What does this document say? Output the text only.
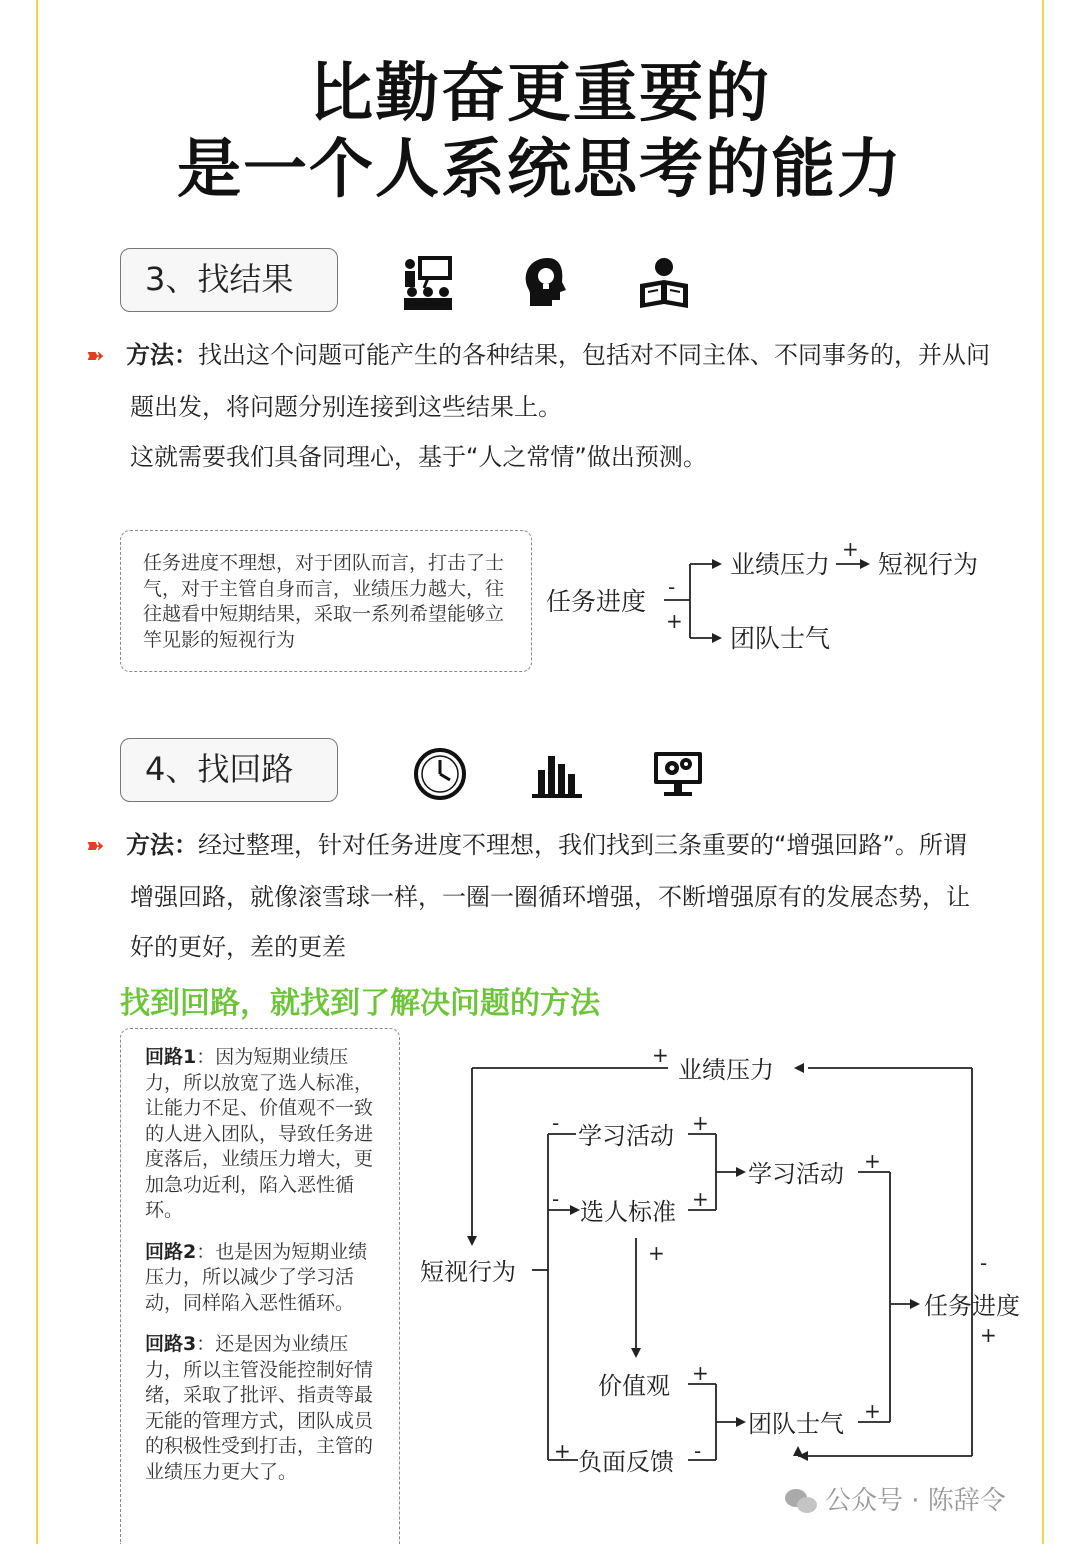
比勤奋更重要的
是一个人系统思考的能力
3、找结果
➽ 方法：找出这个问题可能产生的各种结果，包括对不同主体、不同事务的，并从问题出发，将问题分别连接到这些结果上。
这就需要我们具备同理心，基于“人之常情”做出预测。

任务进度不理想，对于团队而言，打击了士气，对于主管自身而言，业绩压力越大，往往越看中短期结果，采取一系列希望能够立竿见影的短视行为

任务进度 -
+
业绩压力
+
短视行为
团队士气
4、找回路
➽ 方法：经过整理，针对任务进度不理想，我们找到三条重要的“增强回路”。所谓增强回路，就像滚雪球一样，一圈一圈循环增强，不断增强原有的发展态势，让好的更好，差的更差
找到回路，就找到了解决问题的方法

回路1：因为短期业绩压力，所以放宽了选人标准，让能力不足、价值观不一致的人进入团队，导致任务进度落后，业绩压力增大，更加急功近利，陷入恶性循环。

回路2：也是因为短期业绩压力，所以减少了学习活动，同样陷入恶性循环。

回路3：还是因为业绩压力，所以主管没能控制好情绪，采取了批评、指责等最无能的管理方式，团队成员的积极性受到打击，主管的业绩压力更大了。

业绩压力
+
短视行为
学习活动
-	+
选人标准
-	+
学习活动 +
+
价值观 +
负面反馈
+	-
团队士气 +
任务进度
-
+
公众号 · 陈辞令
